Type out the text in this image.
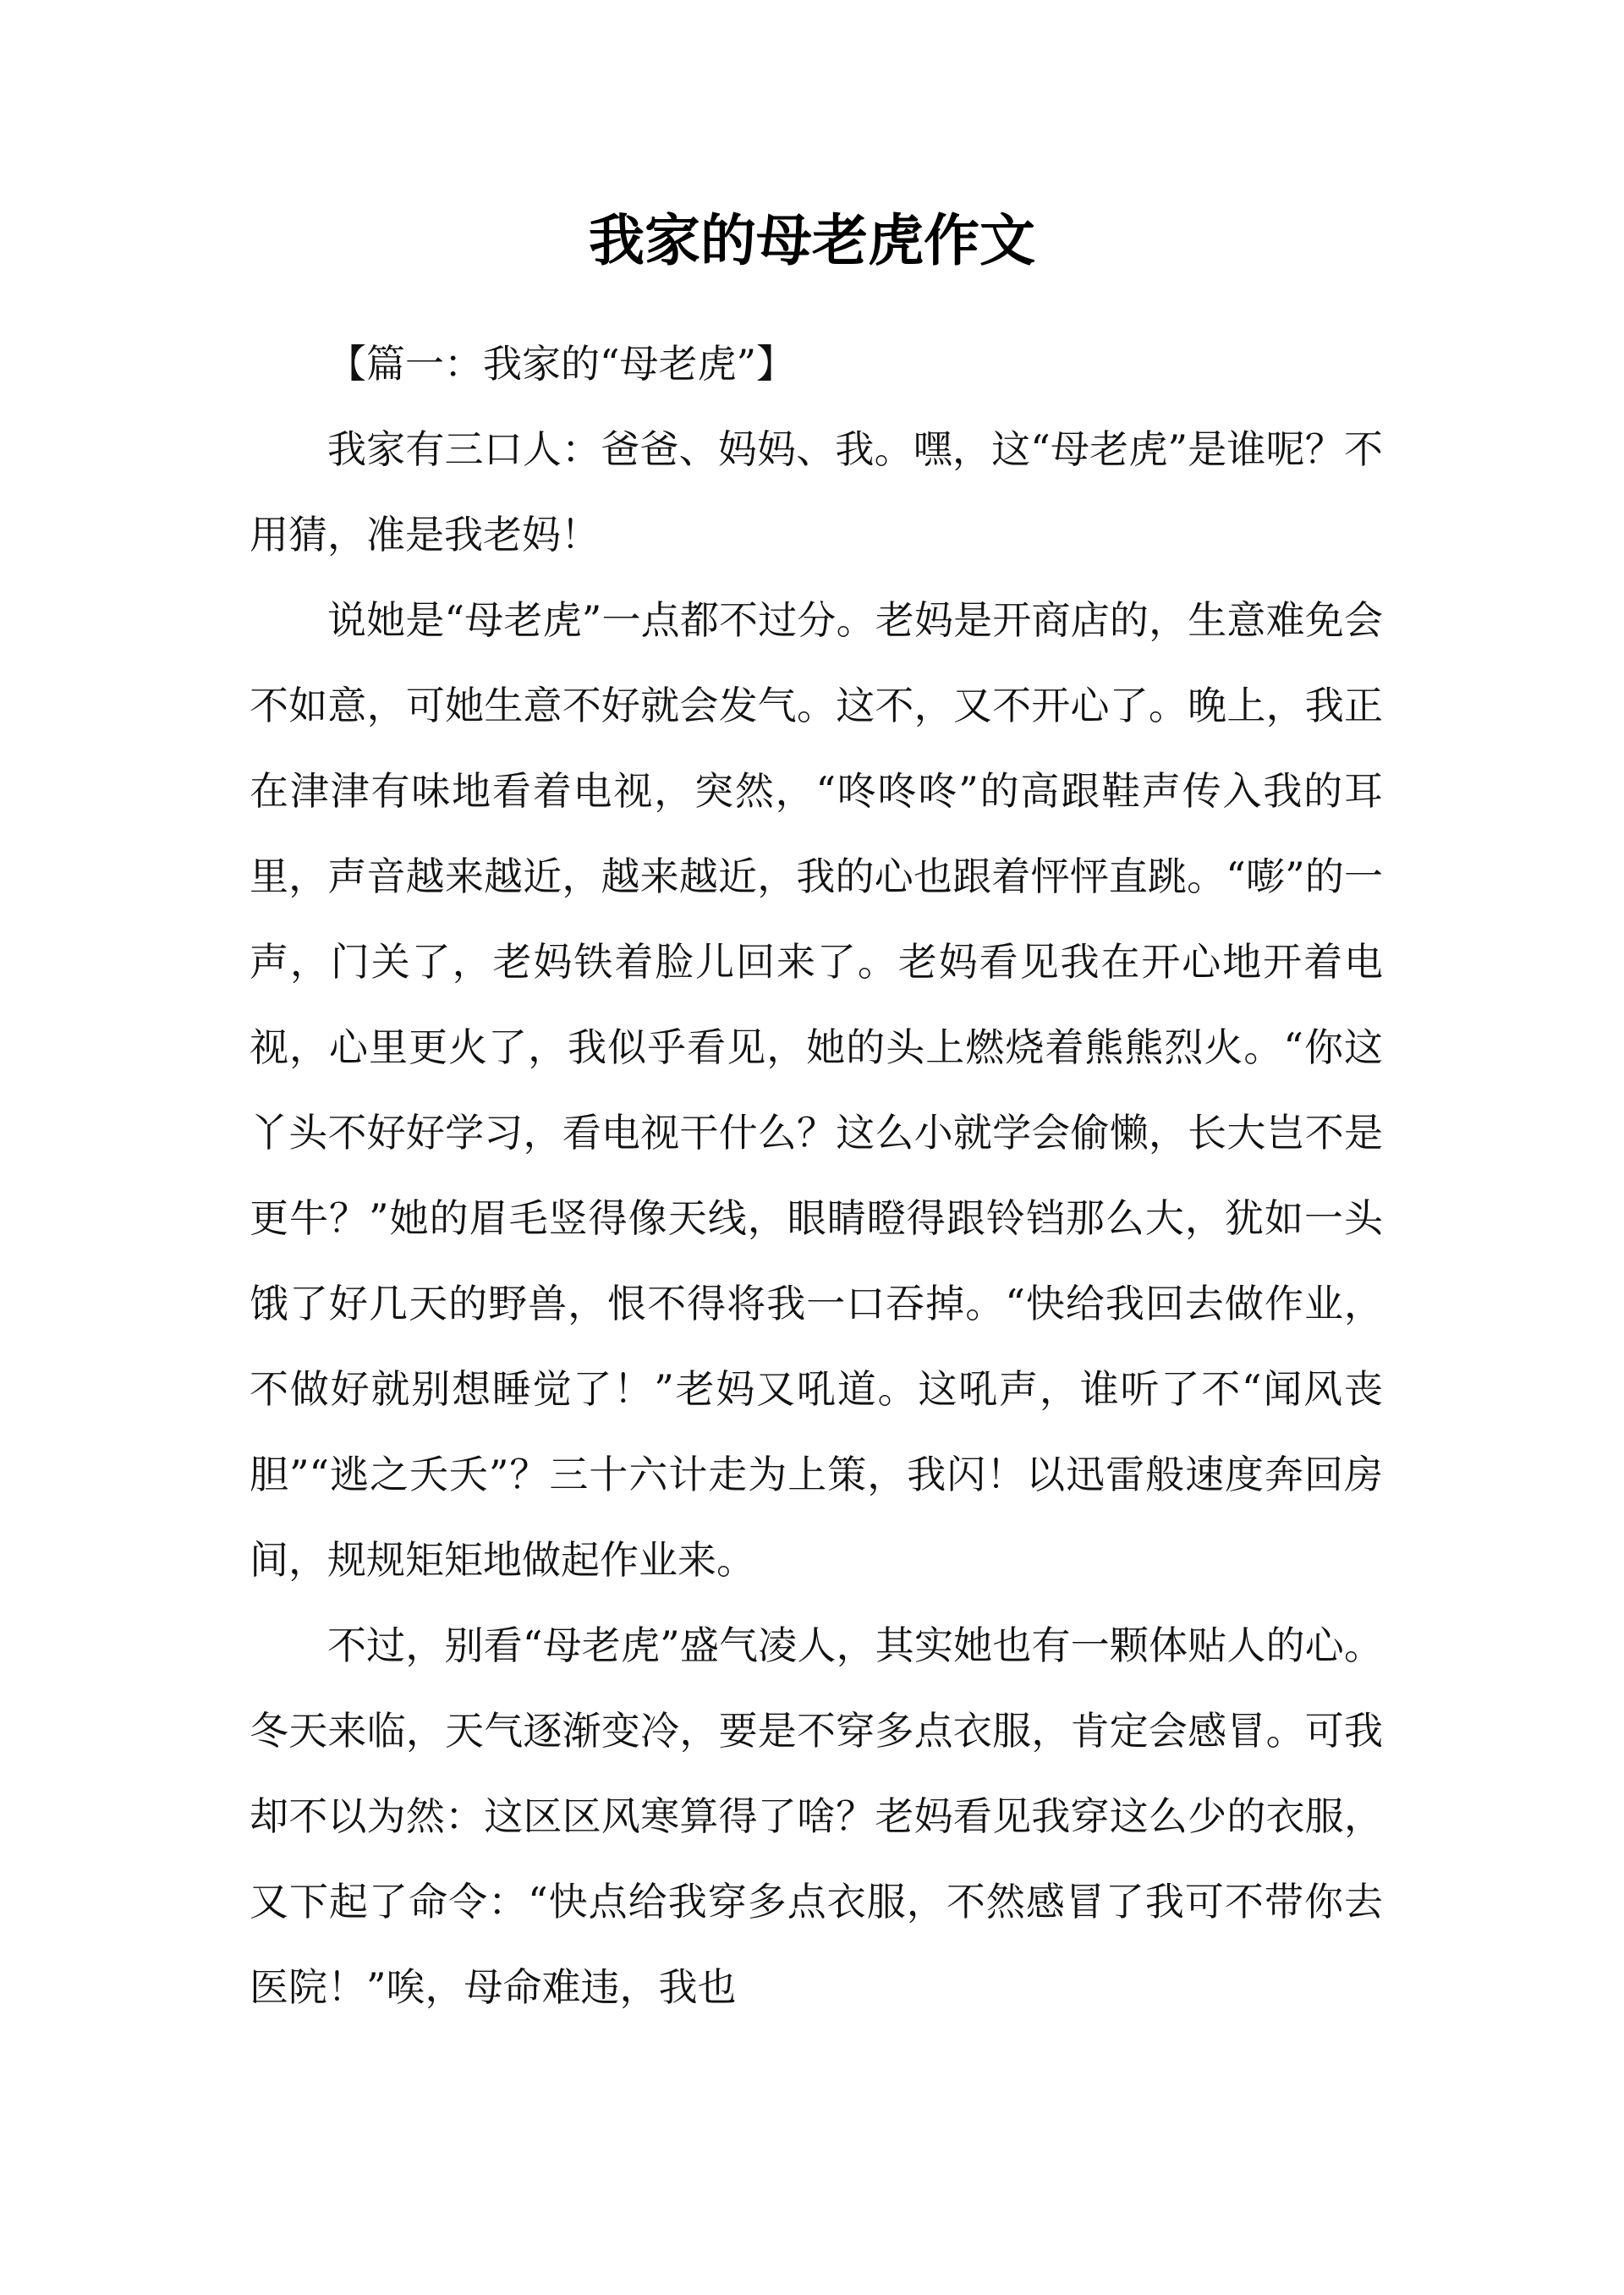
我家的母老虎作文

【篇一：我家的“母老虎”】

我家有三口人：爸爸、妈妈、我。嘿，这“母老虎”是谁呢？不用猜，准是我老妈！

说她是“母老虎”一点都不过分。老妈是开商店的，生意难免会不如意，可她生意不好就会发气。这不，又不开心了。晚上，我正在津津有味地看着电视，突然，“咚咚咚”的高跟鞋声传入我的耳里，声音越来越近，越来越近，我的心也跟着怦怦直跳。“嘭”的一声，门关了，老妈铁着脸儿回来了。老妈看见我在开心地开着电视，心里更火了，我似乎看见，她的头上燃烧着熊熊烈火。“你这丫头不好好学习，看电视干什么？这么小就学会偷懒，长大岂不是更牛？”她的眉毛竖得像天线，眼睛瞪得跟铃铛那么大，犹如一头饿了好几天的野兽，恨不得将我一口吞掉。“快给我回去做作业，不做好就别想睡觉了！”老妈又吼道。这吼声，谁听了不“闻风丧胆”“逃之夭夭”？三十六计走为上策，我闪！以迅雷般速度奔回房间，规规矩矩地做起作业来。

不过，别看“母老虎”盛气凌人，其实她也有一颗体贴人的心。冬天来临，天气逐渐变冷，要是不穿多点衣服，肯定会感冒。可我却不以为然：这区区风寒算得了啥？老妈看见我穿这么少的衣服，又下起了命令：“快点给我穿多点衣服，不然感冒了我可不带你去医院！”唉，母命难违，我也
